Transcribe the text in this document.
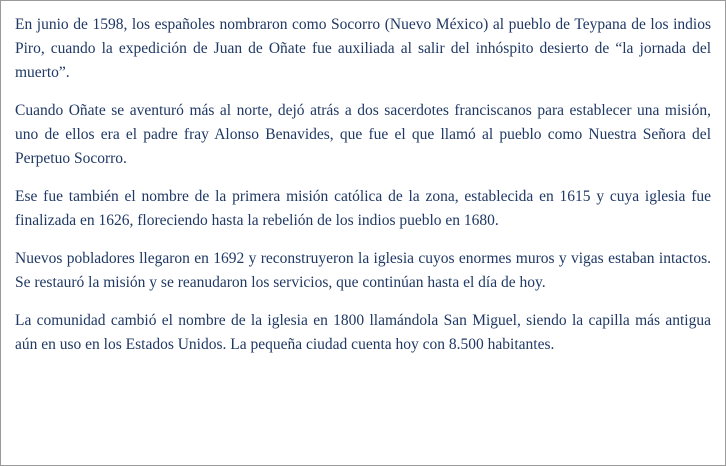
En junio de 1598, los españoles nombraron como Socorro (Nuevo México) al pueblo de Teypana de los indios Piro, cuando la expedición de Juan de Oñate fue auxiliada al salir del inhóspito desierto de “la jornada del muerto”.

Cuando Oñate se aventuró más al norte, dejó atrás a dos sacerdotes franciscanos para establecer una misión, uno de ellos era el padre fray Alonso Benavides, que fue el que llamó al pueblo como Nuestra Señora del Perpetuo Socorro.

Ese fue también el nombre de la primera misión católica de la zona, establecida en 1615 y cuya iglesia fue finalizada en 1626, floreciendo hasta la rebelión de los indios pueblo en 1680.

Nuevos pobladores llegaron en 1692 y reconstruyeron la iglesia cuyos enormes muros y vigas estaban intactos. Se restauró la misión y se reanudaron los servicios, que continúan hasta el día de hoy.

La comunidad cambió el nombre de la iglesia en 1800 llamándola San Miguel, siendo la capilla más antigua aún en uso en los Estados Unidos. La pequeña ciudad cuenta hoy con 8.500 habitantes.
